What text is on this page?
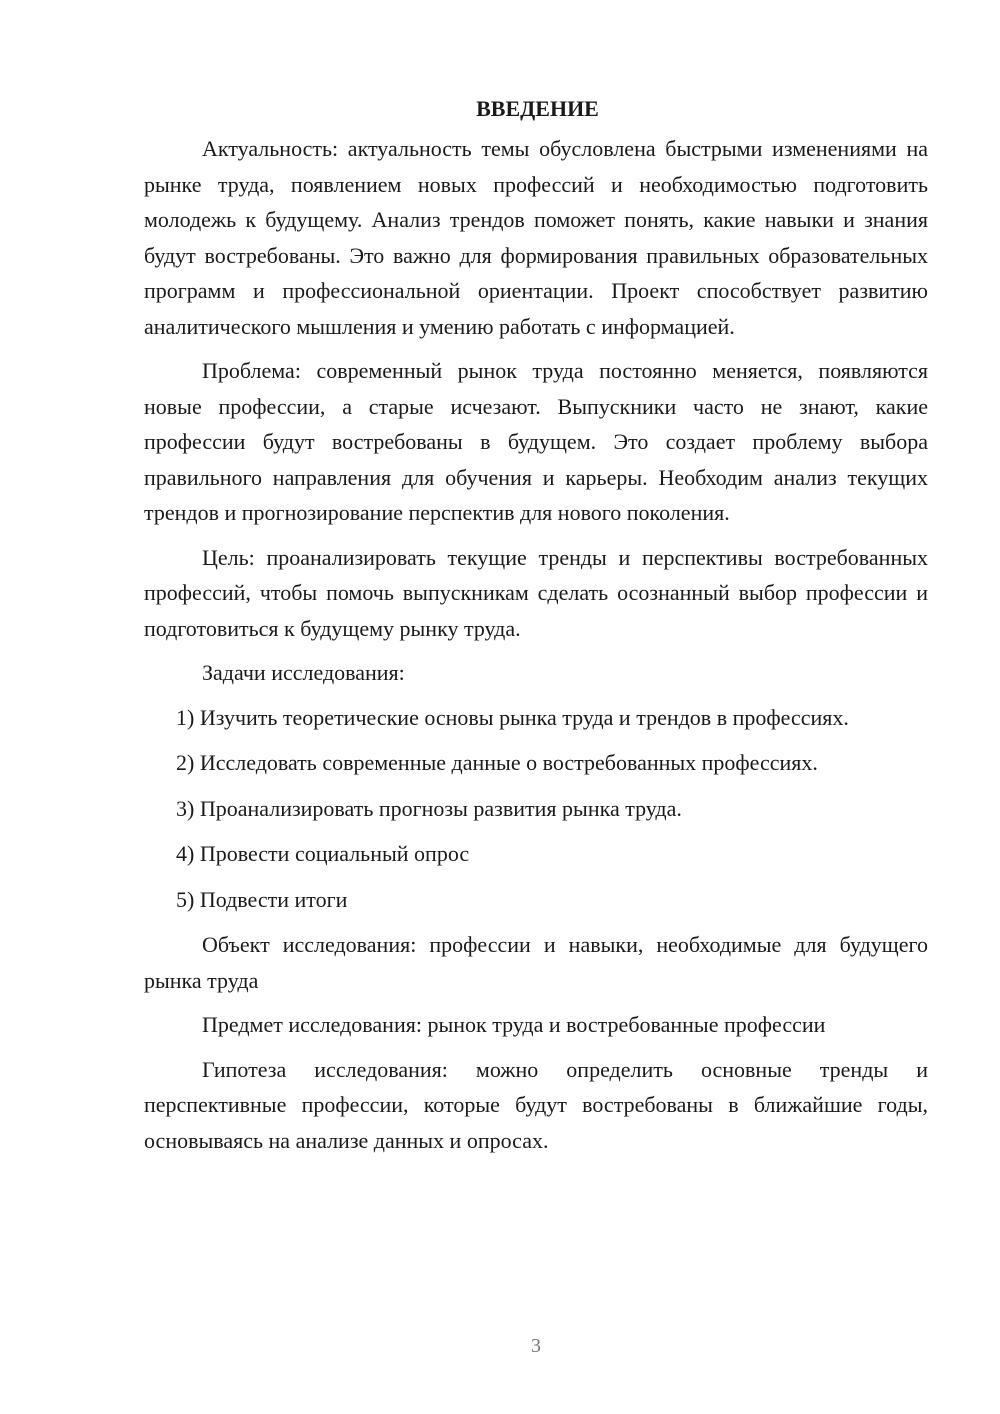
ВВЕДЕНИЕ

Актуальность: актуальность темы обусловлена быстрыми изменениями на рынке труда, появлением новых профессий и необходимостью подготовить молодежь к будущему. Анализ трендов поможет понять, какие навыки и знания будут востребованы. Это важно для формирования правильных образовательных программ и профессиональной ориентации. Проект способствует развитию аналитического мышления и умению работать с информацией.

Проблема: современный рынок труда постоянно меняется, появляются новые профессии, а старые исчезают. Выпускники часто не знают, какие профессии будут востребованы в будущем. Это создает проблему выбора правильного направления для обучения и карьеры. Необходим анализ текущих трендов и прогнозирование перспектив для нового поколения.

Цель: проанализировать текущие тренды и перспективы востребованных профессий, чтобы помочь выпускникам сделать осознанный выбор профессии и подготовиться к будущему рынку труда.

Задачи исследования:

1) Изучить теоретические основы рынка труда и трендов в профессиях.
2) Исследовать современные данные о востребованных профессиях.
3) Проанализировать прогнозы развития рынка труда.
4) Провести социальный опрос
5) Подвести итоги

Объект исследования: профессии и навыки, необходимые для будущего рынка труда

Предмет исследования: рынок труда и востребованные профессии

Гипотеза исследования: можно определить основные тренды и перспективные профессии, которые будут востребованы в ближайшие годы, основываясь на анализе данных и опросах.

3
